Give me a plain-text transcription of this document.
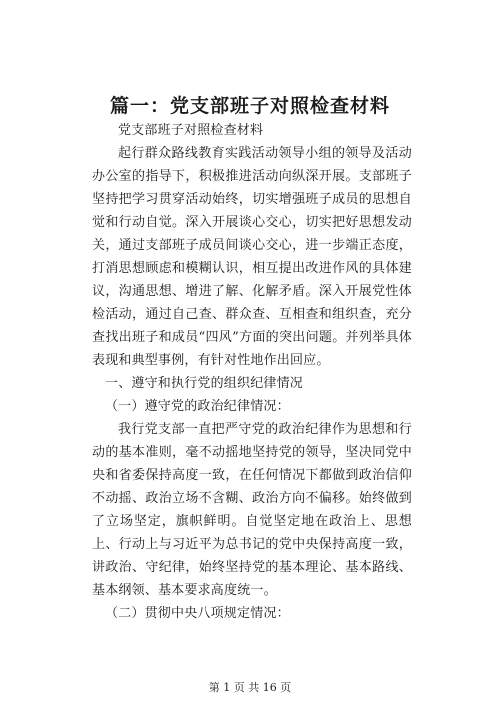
篇一：党支部班子对照检查材料

党支部班子对照检查材料

起行群众路线教育实践活动领导小组的领导及活动办公室的指导下，积极推进活动向纵深开展。支部班子坚持把学习贯穿活动始终，切实增强班子成员的思想自觉和行动自觉。深入开展谈心交心，切实把好思想发动关，通过支部班子成员间谈心交心，进一步端正态度，打消思想顾虑和模糊认识，相互提出改进作风的具体建议，沟通思想、增进了解、化解矛盾。深入开展党性体检活动，通过自己查、群众查、互相查和组织查，充分查找出班子和成员“四风”方面的突出问题。并列举具体表现和典型事例，有针对性地作出回应。

一、遵守和执行党的组织纪律情况

（一）遵守党的政治纪律情况：

我行党支部一直把严守党的政治纪律作为思想和行动的基本准则，毫不动摇地坚持党的领导，坚决同党中央和省委保持高度一致，在任何情况下都做到政治信仰不动摇、政治立场不含糊、政治方向不偏移。始终做到了立场坚定，旗帜鲜明。自觉坚定地在政治上、思想上、行动上与习近平为总书记的党中央保持高度一致，讲政治、守纪律，始终坚持党的基本理论、基本路线、基本纲领、基本要求高度统一。

（二）贯彻中央八项规定情况：

第 1 页 共 16 页
